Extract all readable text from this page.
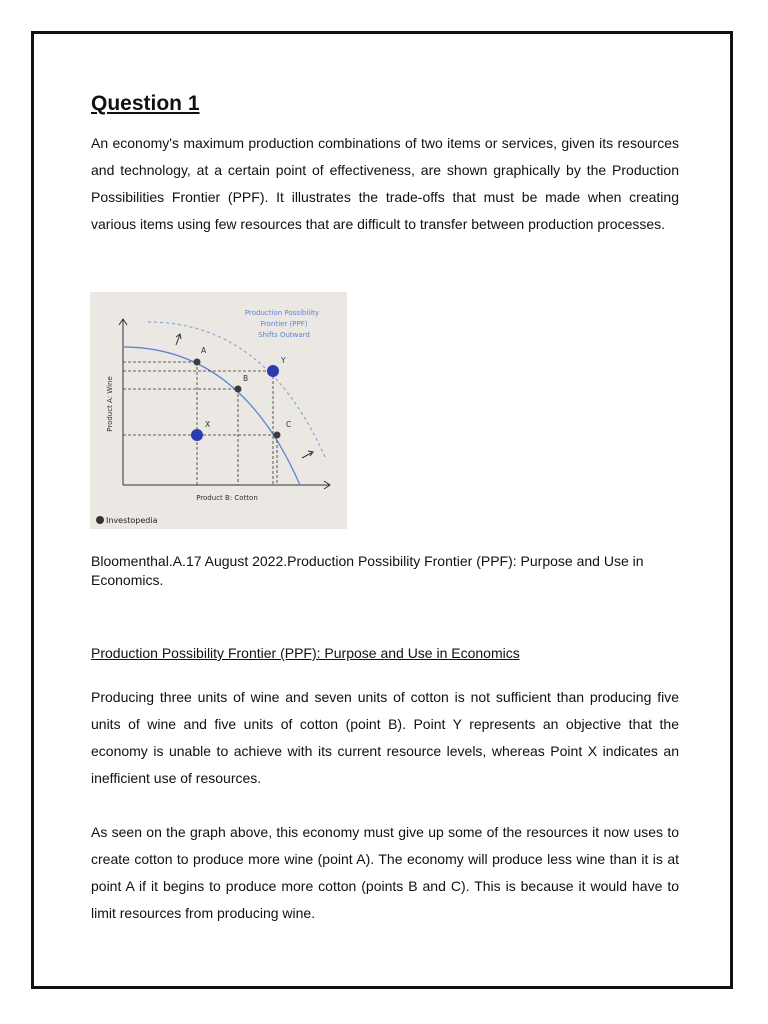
Question 1

An economy's maximum production combinations of two items or services, given its resources and technology, at a certain point of effectiveness, are shown graphically by the Production Possibilities Frontier (PPF). It illustrates the trade-offs that must be made when creating various items using few resources that are difficult to transfer between production processes.

A
B
C
X
Y
Production Possibility
Frontier (PPF)
Shifts Outward
Product B: Cotton
Product A: Wine
Investopedia

Bloomenthal.A.17 August 2022.Production Possibility Frontier (PPF): Purpose and Use in Economics.

Production Possibility Frontier (PPF): Purpose and Use in Economics

Producing three units of wine and seven units of cotton is not sufficient than producing five units of wine and five units of cotton (point B). Point Y represents an objective that the economy is unable to achieve with its current resource levels, whereas Point X indicates an inefficient use of resources.

As seen on the graph above, this economy must give up some of the resources it now uses to create cotton to produce more wine (point A). The economy will produce less wine than it is at point A if it begins to produce more cotton (points B and C). This is because it would have to limit resources from producing wine.
